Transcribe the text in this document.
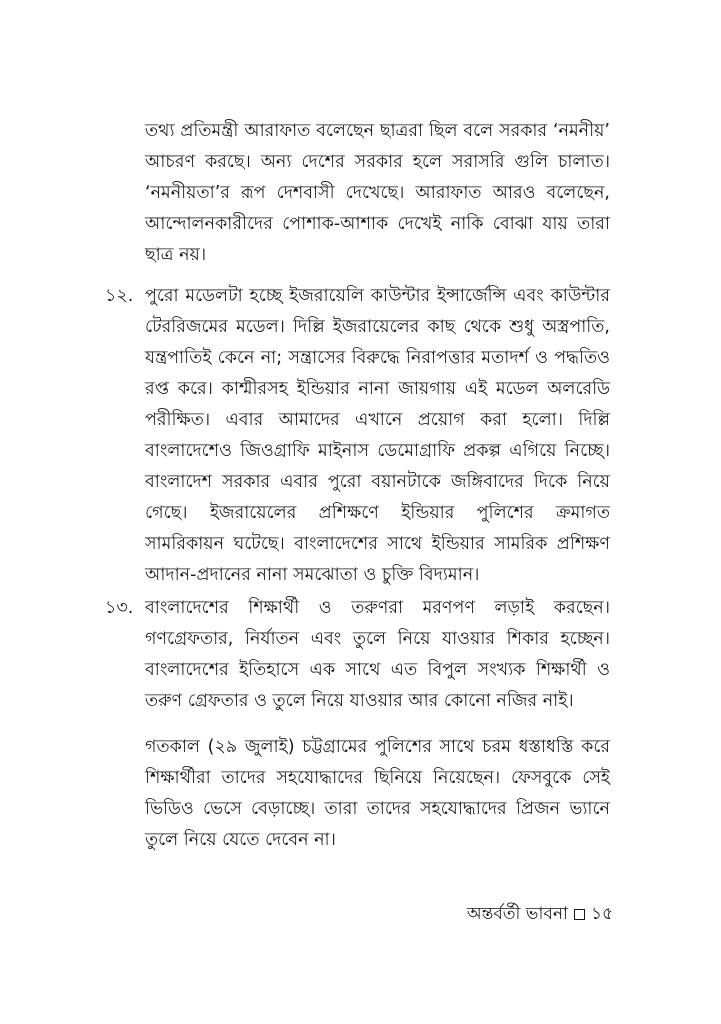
তথ্য প্রতিমন্ত্রী আরাফাত বলেছেন ছাত্ররা ছিল বলে সরকার ‘নমনীয়’ আচরণ করছে। অন্য দেশের সরকার হলে সরাসরি গুলি চালাত। ‘নমনীয়তা’র রূপ দেশবাসী দেখেছে। আরাফাত আরও বলেছেন, আন্দোলনকারীদের পোশাক-আশাক দেখেই নাকি বোঝা যায় তারা ছাত্র নয়।

১২. পুরো মডেলটা হচ্ছে ইজরায়েলি কাউন্টার ইন্সার্জেন্সি এবং কাউন্টার টেররিজমের মডেল। দিল্লি ইজরায়েলের কাছ থেকে শুধু অস্ত্রপাতি, যন্ত্রপাতিই কেনে না; সন্ত্রাসের বিরুদ্ধে নিরাপত্তার মতাদর্শ ও পদ্ধতিও রপ্ত করে। কাশ্মীরসহ ইন্ডিয়ার নানা জায়গায় এই মডেল অলরেডি পরীক্ষিত। এবার আমাদের এখানে প্রয়োগ করা হলো। দিল্লি বাংলাদেশেও জিওগ্রাফি মাইনাস ডেমোগ্রাফি প্রকল্প এগিয়ে নিচ্ছে। বাংলাদেশ সরকার এবার পুরো বয়ানটাকে জঙ্গিবাদের দিকে নিয়ে গেছে। ইজরায়েলের প্রশিক্ষণে ইন্ডিয়ার পুলিশের ক্রমাগত সামরিকায়ন ঘটেছে। বাংলাদেশের সাথে ইন্ডিয়ার সামরিক প্রশিক্ষণ আদান-প্রদানের নানা সমঝোতা ও চুক্তি বিদ্যমান।
১৩. বাংলাদেশের শিক্ষার্থী ও তরুণরা মরণপণ লড়াই করছেন। গণগ্রেফতার, নির্যাতন এবং তুলে নিয়ে যাওয়ার শিকার হচ্ছেন। বাংলাদেশের ইতিহাসে এক সাথে এত বিপুল সংখ্যক শিক্ষার্থী ও তরুণ গ্রেফতার ও তুলে নিয়ে যাওয়ার আর কোনো নজির নাই।

গতকাল (২৯ জুলাই) চট্টগ্রামের পুলিশের সাথে চরম ধস্তাধস্তি করে শিক্ষার্থীরা তাদের সহযোদ্ধাদের ছিনিয়ে নিয়েছেন। ফেসবুকে সেই ভিডিও ভেসে বেড়াচ্ছে। তারা তাদের সহযোদ্ধাদের প্রিজন ভ্যানে তুলে নিয়ে যেতে দেবেন না।

অন্তর্বর্তী ভাবনা ১৫
